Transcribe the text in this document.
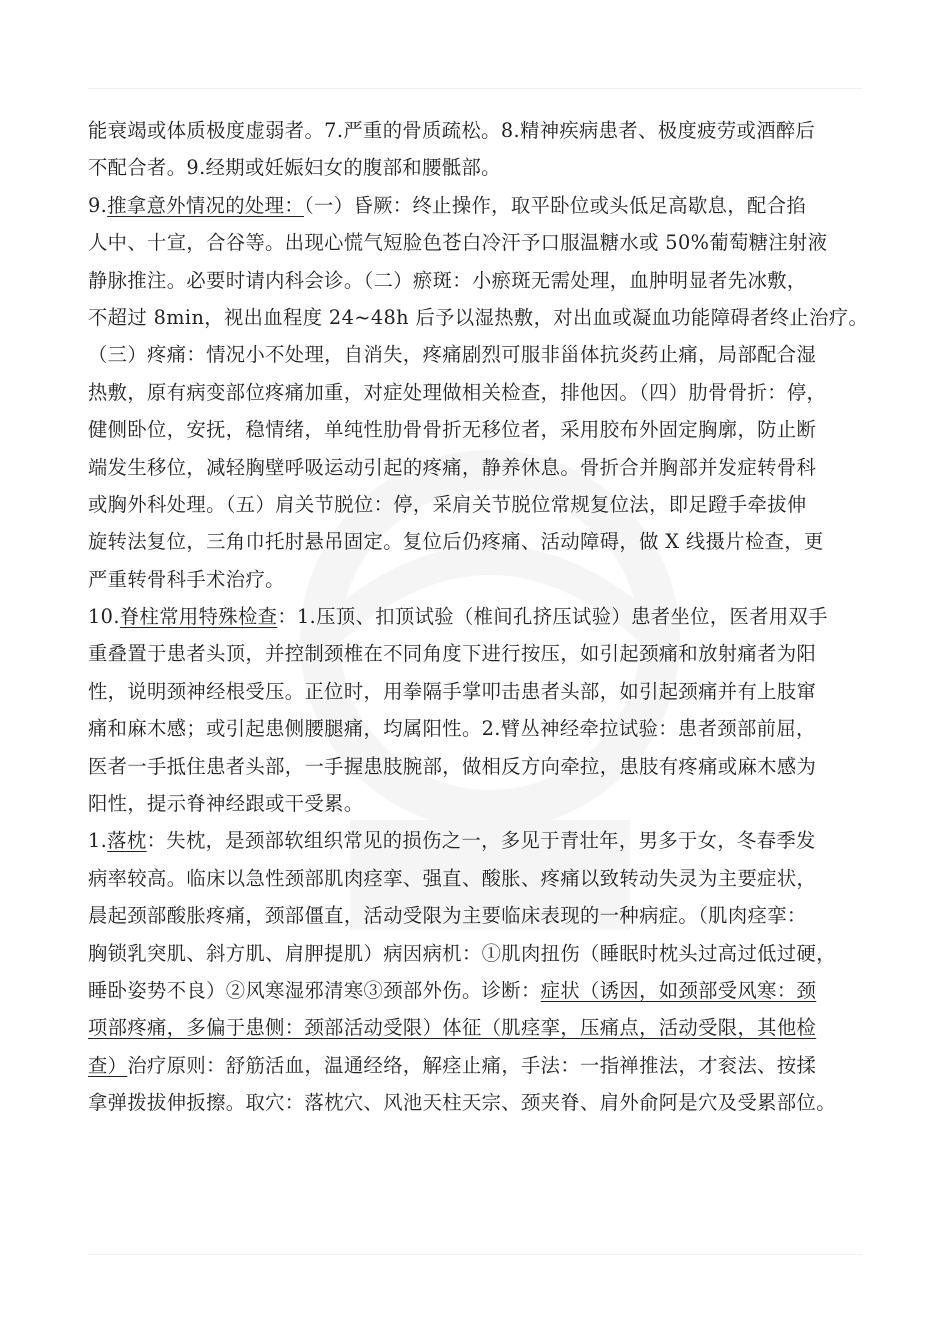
能衰竭或体质极度虚弱者。7.严重的骨质疏松。8.精神疾病患者、极度疲劳或酒醉后
不配合者。9.经期或妊娠妇女的腹部和腰骶部。
9.推拿意外情况的处理：（一）昏厥：终止操作，取平卧位或头低足高歇息，配合掐
人中、十宣，合谷等。出现心慌气短脸色苍白冷汗予口服温糖水或 50%葡萄糖注射液
静脉推注。必要时请内科会诊。（二）瘀斑：小瘀斑无需处理，血肿明显者先冰敷，
不超过 8min，视出血程度 24~48h 后予以湿热敷，对出血或凝血功能障碍者终止治疗。
（三）疼痛：情况小不处理，自消失，疼痛剧烈可服非甾体抗炎药止痛，局部配合湿
热敷，原有病变部位疼痛加重，对症处理做相关检查，排他因。（四）肋骨骨折：停，
健侧卧位，安抚，稳情绪，单纯性肋骨骨折无移位者，采用胶布外固定胸廓，防止断
端发生移位，减轻胸壁呼吸运动引起的疼痛，静养休息。骨折合并胸部并发症转骨科
或胸外科处理。（五）肩关节脱位：停，采肩关节脱位常规复位法，即足蹬手牵拔伸
旋转法复位，三角巾托肘悬吊固定。复位后仍疼痛、活动障碍，做 X 线摄片检查，更
严重转骨科手术治疗。
10.脊柱常用特殊检查：1.压顶、扣顶试验（椎间孔挤压试验）患者坐位，医者用双手
重叠置于患者头顶，并控制颈椎在不同角度下进行按压，如引起颈痛和放射痛者为阳
性，说明颈神经根受压。正位时，用拳隔手掌叩击患者头部，如引起颈痛并有上肢窜
痛和麻木感；或引起患侧腰腿痛，均属阳性。2.臂丛神经牵拉试验：患者颈部前屈，
医者一手抵住患者头部，一手握患肢腕部，做相反方向牵拉，患肢有疼痛或麻木感为
阳性，提示脊神经跟或干受累。
1.落枕：失枕，是颈部软组织常见的损伤之一，多见于青壮年，男多于女，冬春季发
病率较高。临床以急性颈部肌肉痉挛、强直、酸胀、疼痛以致转动失灵为主要症状，
晨起颈部酸胀疼痛，颈部僵直，活动受限为主要临床表现的一种病症。（肌肉痉挛：
胸锁乳突肌、斜方肌、肩胛提肌）病因病机：①肌肉扭伤（睡眠时枕头过高过低过硬，
睡卧姿势不良）②风寒湿邪清寒③颈部外伤。诊断：症状（诱因，如颈部受风寒：颈
项部疼痛，多偏于患侧：颈部活动受限）体征（肌痉挛，压痛点，活动受限，其他检
查）治疗原则：舒筋活血，温通经络，解痉止痛，手法：一指禅推法，才衮法、按揉
拿弹拨拔伸扳擦。取穴：落枕穴、风池天柱天宗、颈夹脊、肩外俞阿是穴及受累部位。
